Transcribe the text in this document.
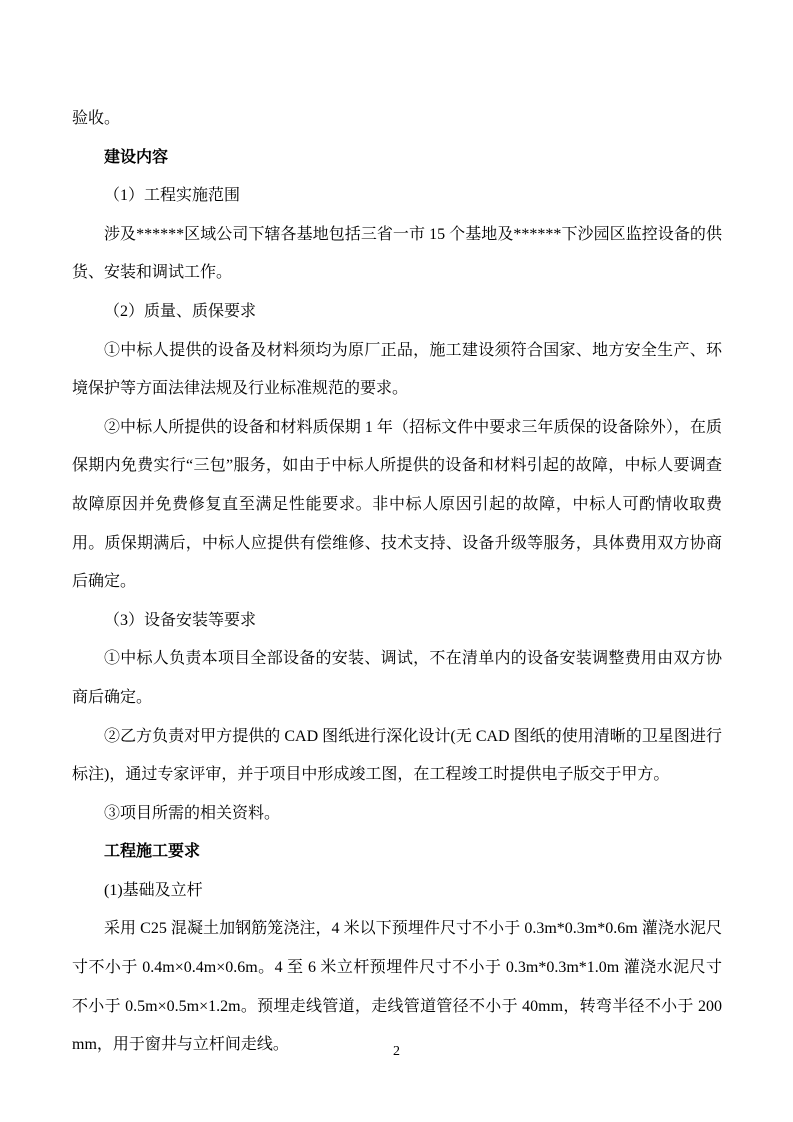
验收。

建设内容

（1）工程实施范围

涉及******区域公司下辖各基地包括三省一市 15 个基地及******下沙园区监控设备的供货、安装和调试工作。

（2）质量、质保要求

①中标人提供的设备及材料须均为原厂正品，施工建设须符合国家、地方安全生产、环境保护等方面法律法规及行业标准规范的要求。

②中标人所提供的设备和材料质保期 1 年（招标文件中要求三年质保的设备除外），在质保期内免费实行“三包”服务，如由于中标人所提供的设备和材料引起的故障，中标人要调查故障原因并免费修复直至满足性能要求。非中标人原因引起的故障，中标人可酌情收取费用。质保期满后，中标人应提供有偿维修、技术支持、设备升级等服务，具体费用双方协商后确定。

（3）设备安装等要求

①中标人负责本项目全部设备的安装、调试，不在清单内的设备安装调整费用由双方协商后确定。

②乙方负责对甲方提供的 CAD 图纸进行深化设计(无 CAD 图纸的使用清晰的卫星图进行标注)，通过专家评审，并于项目中形成竣工图，在工程竣工时提供电子版交于甲方。

③项目所需的相关资料。

工程施工要求

(1)基础及立杆

采用 C25 混凝土加钢筋笼浇注，4 米以下预埋件尺寸不小于 0.3m*0.3m*0.6m 灌浇水泥尺寸不小于 0.4m×0.4m×0.6m。4 至 6 米立杆预埋件尺寸不小于 0.3m*0.3m*1.0m 灌浇水泥尺寸不小于 0.5m×0.5m×1.2m。预埋走线管道，走线管道管径不小于 40mm，转弯半径不小于 200mm，用于窗井与立杆间走线。	2
